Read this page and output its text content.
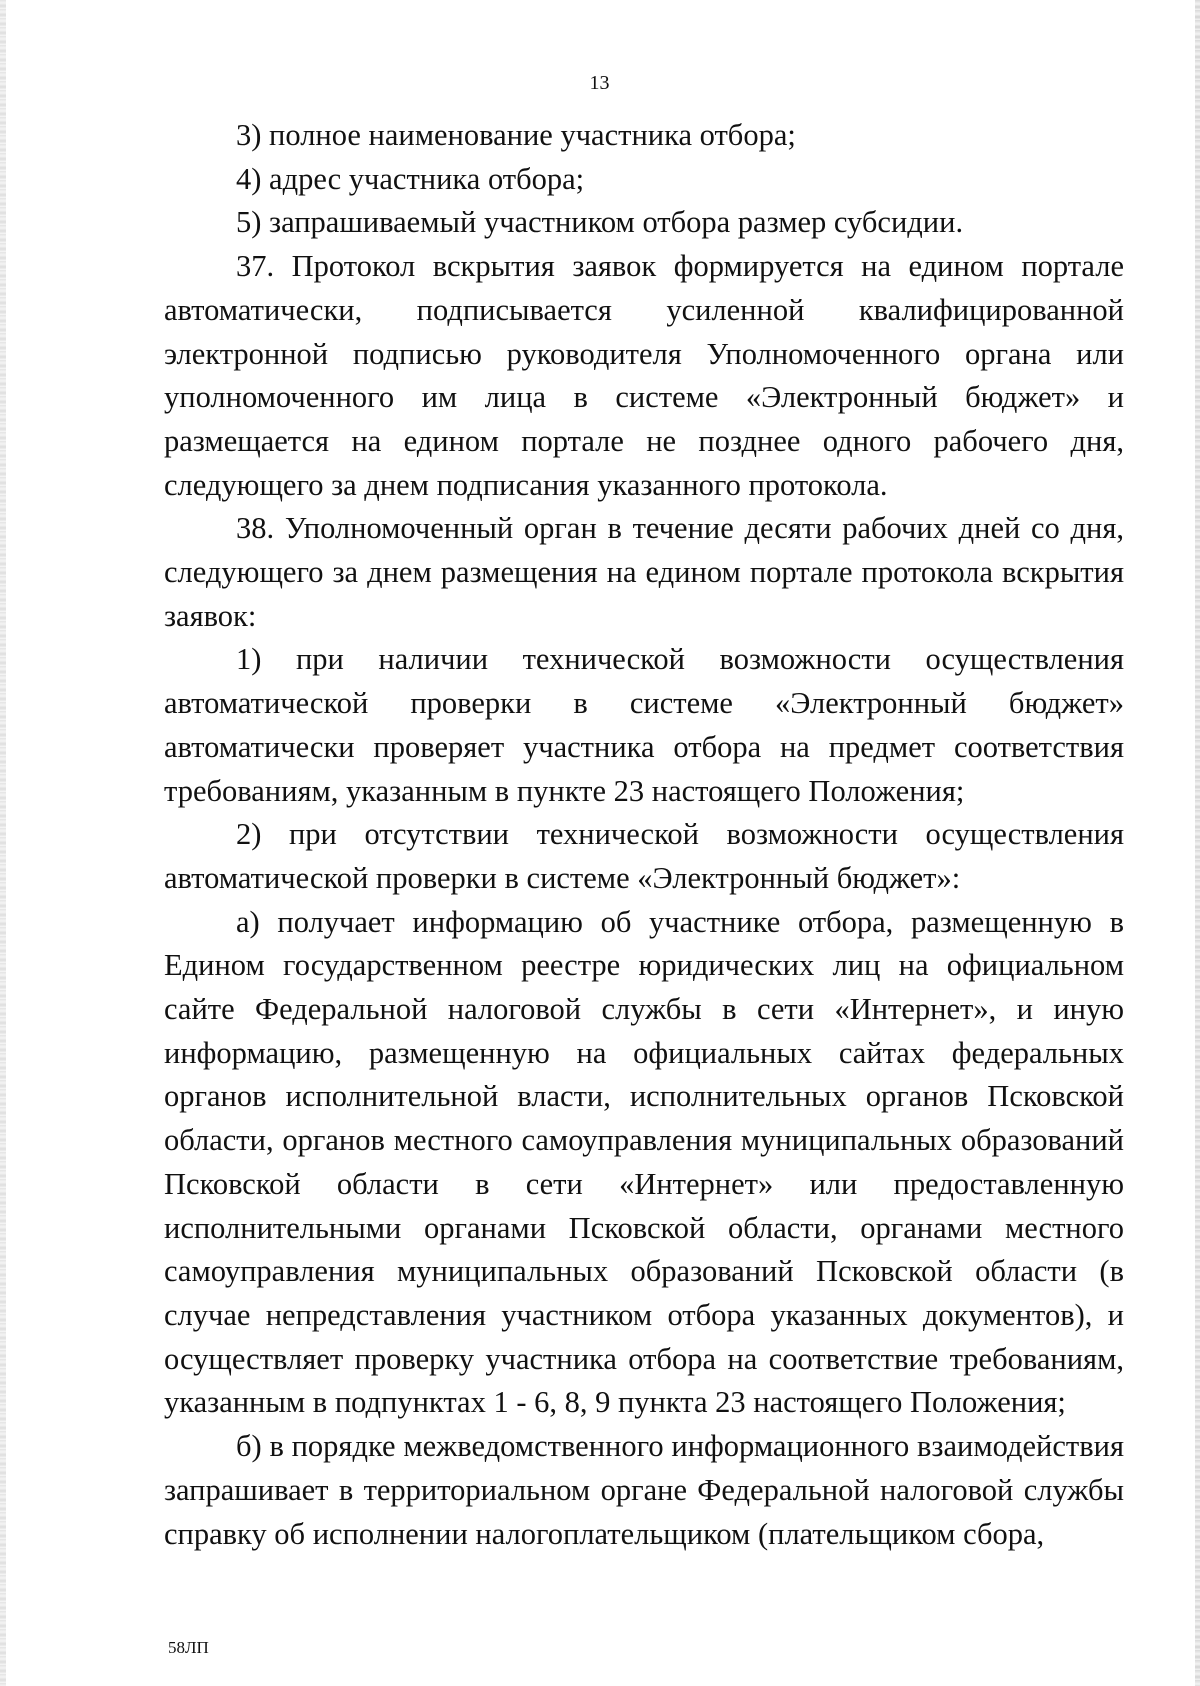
13

3) полное наименование участника отбора;

4) адрес участника отбора;

5) запрашиваемый участником отбора размер субсидии.

37. Протокол вскрытия заявок формируется на едином портале автоматически, подписывается усиленной квалифицированной электронной подписью руководителя Уполномоченного органа или уполномоченного им лица в системе «Электронный бюджет» и размещается на едином портале не позднее одного рабочего дня, следующего за днем подписания указанного протокола.

38. Уполномоченный орган в течение десяти рабочих дней со дня, следующего за днем размещения на едином портале протокола вскрытия заявок:

1) при наличии технической возможности осуществления автоматической проверки в системе «Электронный бюджет» автоматически проверяет участника отбора на предмет соответствия требованиям, указанным в пункте 23 настоящего Положения;

2) при отсутствии технической возможности осуществления автоматической проверки в системе «Электронный бюджет»:

а) получает информацию об участнике отбора, размещенную в Едином государственном реестре юридических лиц на официальном сайте Федеральной налоговой службы в сети «Интернет», и иную информацию, размещенную на официальных сайтах федеральных органов исполнительной власти, исполнительных органов Псковской области, органов местного самоуправления муниципальных образований Псковской области в сети «Интернет» или предоставленную исполнительными органами Псковской области, органами местного самоуправления муниципальных образований Псковской области (в случае непредставления участником отбора указанных документов), и осуществляет проверку участника отбора на соответствие требованиям, указанным в подпунктах 1 - 6, 8, 9 пункта 23 настоящего Положения;

б) в порядке межведомственного информационного взаимодействия запрашивает в территориальном органе Федеральной налоговой службы справку об исполнении налогоплательщиком (плательщиком сбора,

58ЛП
